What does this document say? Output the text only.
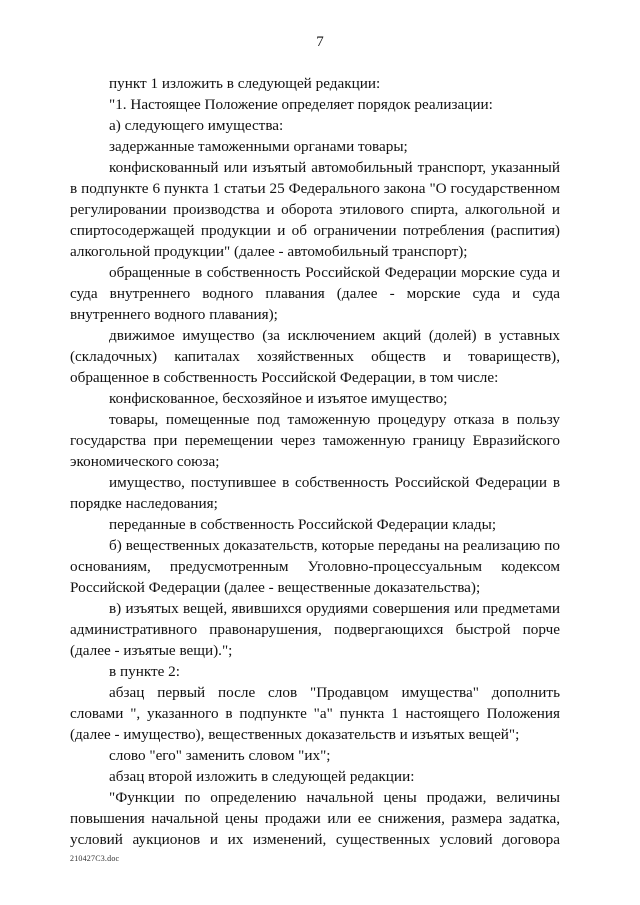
7

пункт 1 изложить в следующей редакции:

"1. Настоящее Положение определяет порядок реализации:

а) следующего имущества:

задержанные таможенными органами товары;

конфискованный или изъятый автомобильный транспорт, указанный в подпункте 6 пункта 1 статьи 25 Федерального закона "О государственном регулировании производства и оборота этилового спирта, алкогольной и спиртосодержащей продукции и об ограничении потребления (распития) алкогольной продукции" (далее - автомобильный транспорт);

обращенные в собственность Российской Федерации морские суда и суда внутреннего водного плавания (далее - морские суда и суда внутреннего водного плавания);

движимое имущество (за исключением акций (долей) в уставных (складочных) капиталах хозяйственных обществ и товариществ), обращенное в собственность Российской Федерации, в том числе:

конфискованное, бесхозяйное и изъятое имущество;

товары, помещенные под таможенную процедуру отказа в пользу государства при перемещении через таможенную границу Евразийского экономического союза;

имущество, поступившее в собственность Российской Федерации в порядке наследования;

переданные в собственность Российской Федерации клады;

б) вещественных доказательств, которые переданы на реализацию по основаниям, предусмотренным Уголовно-процессуальным кодексом Российской Федерации (далее - вещественные доказательства);

в) изъятых вещей, явившихся орудиями совершения или предметами административного правонарушения, подвергающихся быстрой порче (далее - изъятые вещи).";

в пункте 2:

абзац первый после слов "Продавцом имущества" дополнить словами ", указанного в подпункте "а" пункта 1 настоящего Положения (далее - имущество), вещественных доказательств и изъятых вещей";

слово "его" заменить словом "их";

абзац второй изложить в следующей редакции:

"Функции по определению начальной цены продажи, величины повышения начальной цены продажи или ее снижения, размера задатка, условий аукционов и их изменений, существенных условий договора

210427С3.doc
